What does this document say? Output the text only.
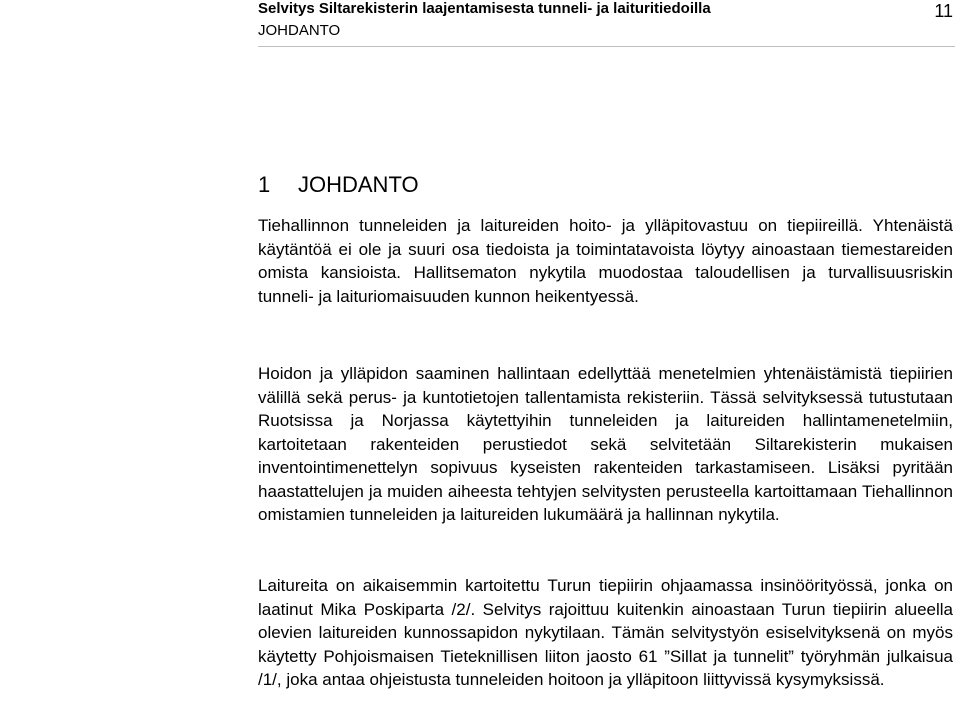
Selvitys Siltarekisterin laajentamisesta tunneli- ja laituritiedoilla
JOHDANTO
11
1 JOHDANTO

Tiehallinnon tunneleiden ja laitureiden hoito- ja ylläpitovastuu on tiepiireillä. Yhtenäistä käytäntöä ei ole ja suuri osa tiedoista ja toimintatavoista löytyy ainoastaan tiemestareiden omista kansioista. Hallitsematon nykytila muodostaa taloudellisen ja turvallisuusriskin tunneli- ja laituriomaisuuden kunnon heikentyessä.

Hoidon ja ylläpidon saaminen hallintaan edellyttää menetelmien yhtenäistämistä tiepiirien välillä sekä perus- ja kuntotietojen tallentamista rekisteriin. Tässä selvityksessä tutustutaan Ruotsissa ja Norjassa käytettyihin tunneleiden ja laitureiden hallintamenetelmiin, kartoitetaan rakenteiden perustiedot sekä selvitetään Siltarekisterin mukaisen inventointimenettelyn sopivuus kyseisten rakenteiden tarkastamiseen. Lisäksi pyritään haastattelujen ja muiden aiheesta tehtyjen selvitysten perusteella kartoittamaan Tiehallinnon omistamien tunneleiden ja laitureiden lukumäärä ja hallinnan nykytila.

Laitureita on aikaisemmin kartoitettu Turun tiepiirin ohjaamassa insinöörityössä, jonka on laatinut Mika Poskiparta /2/. Selvitys rajoittuu kuitenkin ainoastaan Turun tiepiirin alueella olevien laitureiden kunnossapidon nykytilaan. Tämän selvitystyön esiselvityksenä on myös käytetty Pohjoismaisen Tieteknillisen liiton jaosto 61 ”Sillat ja tunnelit” työryhmän julkaisua /1/, joka antaa ohjeistusta tunneleiden hoitoon ja ylläpitoon liittyvissä kysymyksissä.
